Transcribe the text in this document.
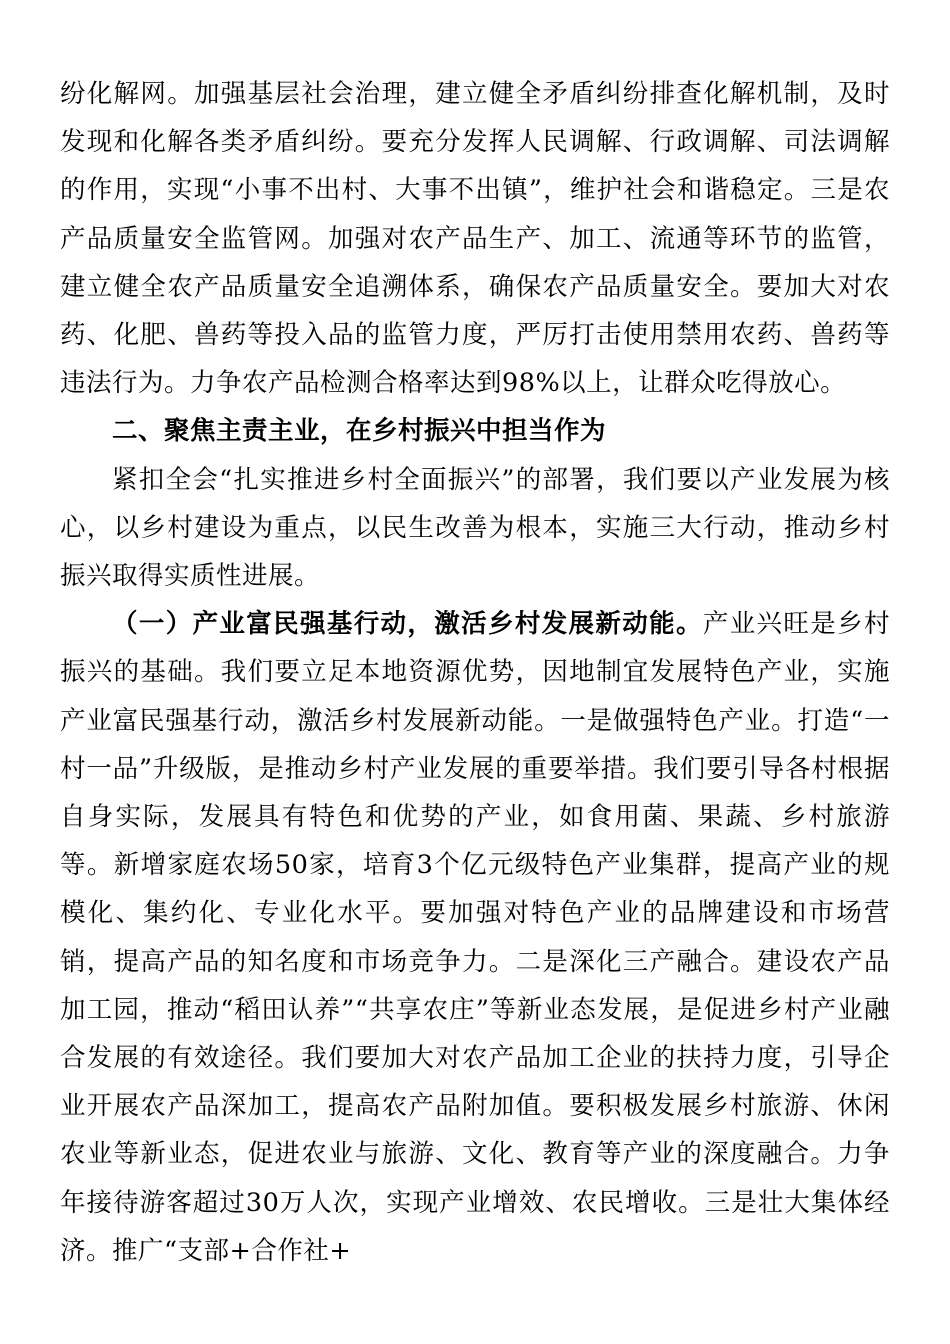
纷化解网。加强基层社会治理，建立健全矛盾纠纷排查化解机制，及时发现和化解各类矛盾纠纷。要充分发挥人民调解、行政调解、司法调解的作用，实现“小事不出村、大事不出镇”，维护社会和谐稳定。三是农产品质量安全监管网。加强对农产品生产、加工、流通等环节的监管，建立健全农产品质量安全追溯体系，确保农产品质量安全。要加大对农药、化肥、兽药等投入品的监管力度，严厉打击使用禁用农药、兽药等违法行为。力争农产品检测合格率达到98%以上，让群众吃得放心。

二、聚焦主责主业，在乡村振兴中担当作为

紧扣全会“扎实推进乡村全面振兴”的部署，我们要以产业发展为核心，以乡村建设为重点，以民生改善为根本，实施三大行动，推动乡村振兴取得实质性进展。

（一）产业富民强基行动，激活乡村发展新动能。产业兴旺是乡村振兴的基础。我们要立足本地资源优势，因地制宜发展特色产业，实施产业富民强基行动，激活乡村发展新动能。一是做强特色产业。打造“一村一品”升级版，是推动乡村产业发展的重要举措。我们要引导各村根据自身实际，发展具有特色和优势的产业，如食用菌、果蔬、乡村旅游等。新增家庭农场50家，培育3个亿元级特色产业集群，提高产业的规模化、集约化、专业化水平。要加强对特色产业的品牌建设和市场营销，提高产品的知名度和市场竞争力。二是深化三产融合。建设农产品加工园，推动“稻田认养”“共享农庄”等新业态发展，是促进乡村产业融合发展的有效途径。我们要加大对农产品加工企业的扶持力度，引导企业开展农产品深加工，提高农产品附加值。要积极发展乡村旅游、休闲农业等新业态，促进农业与旅游、文化、教育等产业的深度融合。力争年接待游客超过30万人次，实现产业增效、农民增收。三是壮大集体经济。推广“支部+合作社+
